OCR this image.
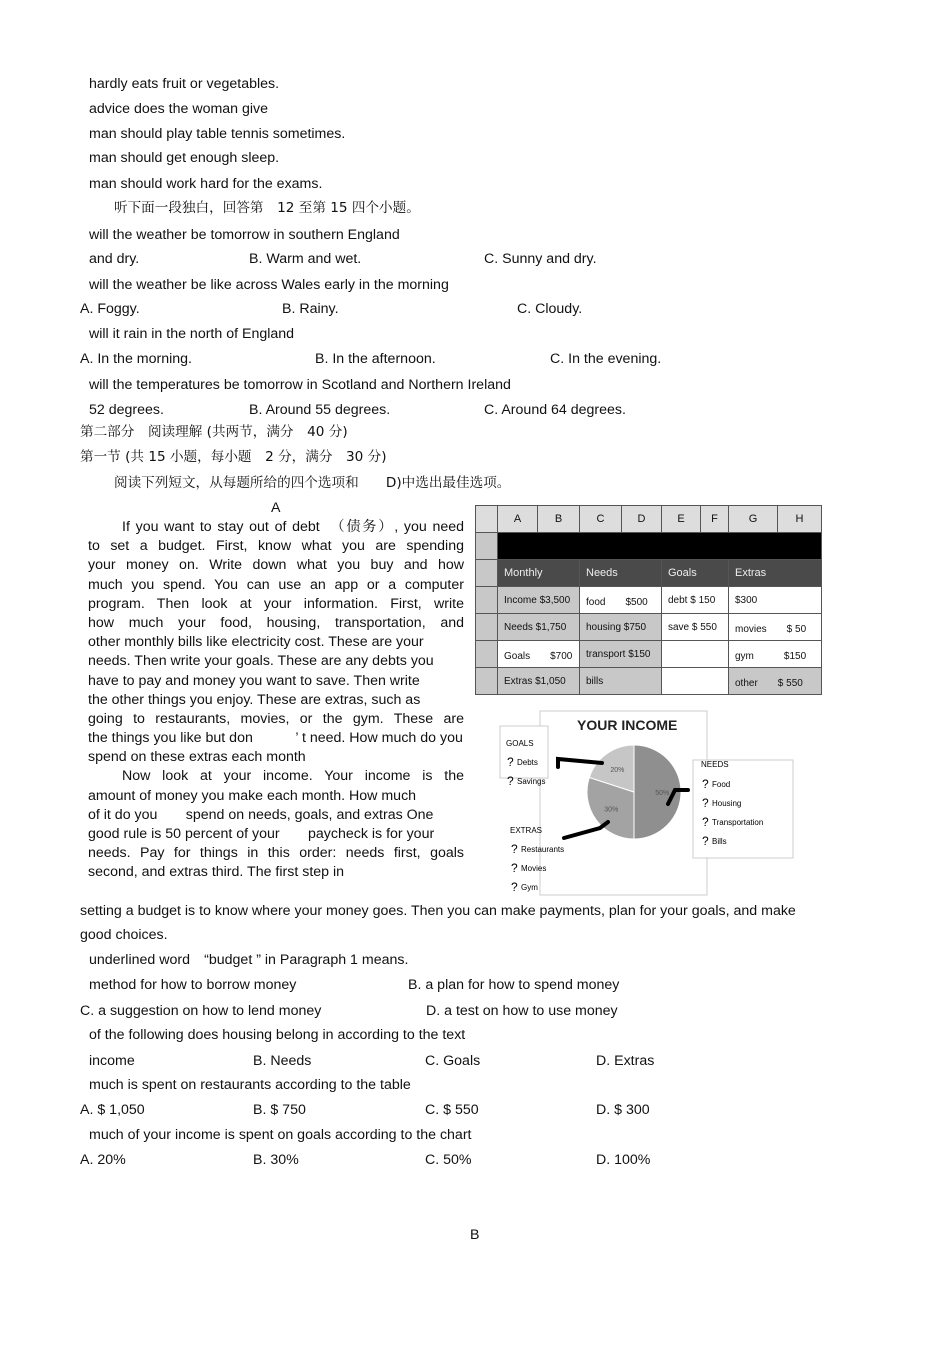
hardly eats fruit or vegetables.
advice does the woman give
man should play table tennis sometimes.
man should get enough sleep.
man should work hard for the exams.
听下面一段独白，回答第　12 至第 15 四个小题。
will the weather be tomorrow in southern England
and dry.	B. Warm and wet.	C. Sunny and dry.
will the weather be like across Wales early in the morning
A. Foggy.	B. Rainy.	C. Cloudy.
will it rain in the north of England
A. In the morning.	B. In the afternoon.	C. In the evening.
will the temperatures be tomorrow in Scotland and Northern Ireland
52 degrees.	B. Around 55 degrees.	C. Around 64 degrees.
第二部分　阅读理解 (共两节，满分　40 分)
第一节 (共 15 小题，每小题　2 分，满分　30 分)
阅读下列短文，从每题所给的四个选项和　　D)中选出最佳选项。
A
If you want to stay out of debt　（债务）, you need
to set a budget. First, know what you are spending
your money on. Write down what you buy and how
much you spend. You can use an app or a computer
program. Then look at your information. First, write
how much your food, housing, transportation, and
other monthly bills like electricity cost. These are your
needs. Then write your goals. These are any debts you
have to pay and money you want to save. Then write
the other things you enjoy. These are extras, such as
going to restaurants, movies, or the gym. These are
the things you like but don　　　’ t need. How much do you
spend on these extras each month
Now look at your income. Your income is the
amount of money you make each month. How much
of it do you　　spend on needs, goals, and extras One
good rule is 50 percent of your　　paycheck is for your
needs. Pay for things in this order: needs first, goals
second, and extras third. The first step in
	A	B	C	D	E	F	G	H

	Monthly		Needs		Goals		Extras	
	Income $3,500		food　　$500		debt $ 150		$300	
	Needs $1,750		housing $750		save $ 550		movies　　$ 50	
	Goals　　$700		transport $150				gym　　　$150	
	Extras $1,050		bills				other　　$ 550	
YOUR INCOME
50%
30%
20%
GOALS
? Debts
? Savings
NEEDS
? Food
? Housing
? Transportation
? Bills
EXTRAS
? Restaurants
? Movies
? Gym
setting a budget is to know where your money goes. Then you can make payments, plan for your goals, and make
good choices.
underlined word　“budget ” in Paragraph 1 means.
method for how to borrow money	B. a plan for how to spend money
C. a suggestion on how to lend money	D. a test on how to use money
of the following does housing belong in according to the text
income	B. Needs	C. Goals	D. Extras
much is spent on restaurants according to the table
A. $ 1,050	B. $ 750	C. $ 550	D. $ 300
much of your income is spent on goals according to the chart
A. 20%	B. 30%	C. 50%	D. 100%
B
